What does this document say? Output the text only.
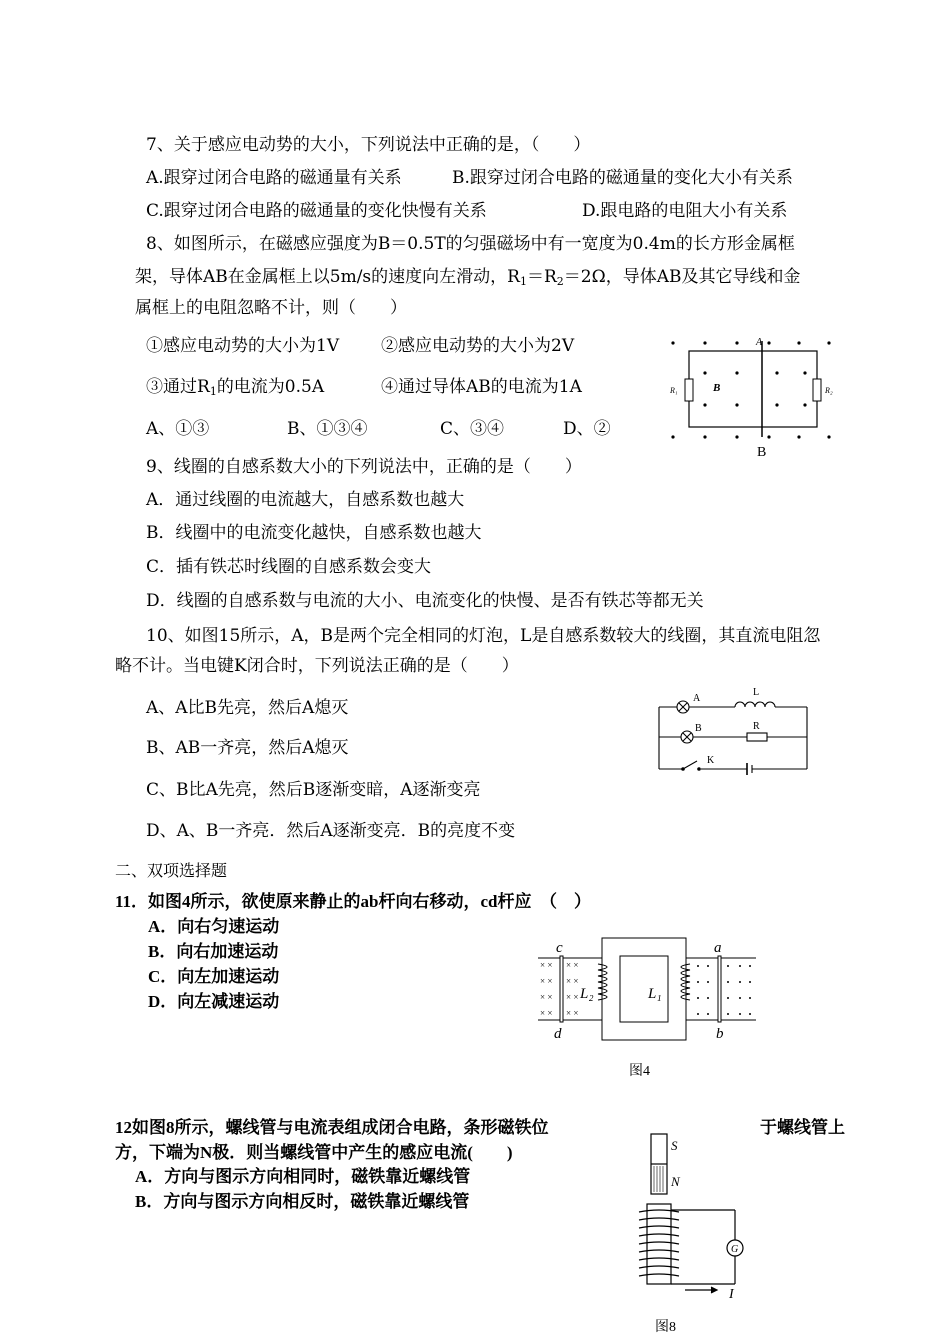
7、关于感应电动势的大小，下列说法中正确的是，（　　）
A.跟穿过闭合电路的磁通量有关系	B.跟穿过闭合电路的磁通量的变化大小有关系
C.跟穿过闭合电路的磁通量的变化快慢有关系	D.跟电路的电阻大小有关系
8、如图所示，在磁感应强度为B＝0.5T的匀强磁场中有一宽度为0.4m的长方形金属框
架，导体AB在金属框上以5m/s的速度向左滑动，$R_1=R_2=2\Omega$，导体AB及其它导线和金
属框上的电阻忽略不计，则（　　）
①感应电动势的大小为1V ②感应电动势的大小为2V
③通过$R_1$的电流为0.5A	④通过导体AB的电流为1A
A、①③	B、①③④	C、③④	D、②
A
B
R₁	R₂
B
9、线圈的自感系数大小的下列说法中，正确的是（　　）
A．通过线圈的电流越大，自感系数也越大
B．线圈中的电流变化越快，自感系数也越大
C．插有铁芯时线圈的自感系数会变大
D．线圈的自感系数与电流的大小、电流变化的快慢、是否有铁芯等都无关
10、如图15所示，A，B是两个完全相同的灯泡，L是自感系数较大的线圈，其直流电阻忽
略不计。当电键K闭合时，下列说法正确的是（　　）
A、A比B先亮，然后A熄灭
B、AB一齐亮，然后A熄灭
C、B比A先亮，然后B逐渐变暗，A逐渐变亮
D、A、B一齐亮．然后A逐渐变亮．B的亮度不变
A
L
B	R
K
二、双项选择题
11．如图4所示，欲使原来静止的ab杆向右移动，cd杆应　（　）
A．向右匀速运动
B．向右加速运动
C．向左加速运动
D．向左减速运动
× ×
× ×
× ×
× ×
× ×
× ×
× ×
× ×
c
d
a
b
L₂	L₁
图4
12如图8所示，螺线管与电流表组成闭合电路，条形磁铁位	于螺线管上
方，下端为N极．则当螺线管中产生的感应电流(　　)
A．方向与图示方向相同时，磁铁靠近螺线管
B．方向与图示方向相反时，磁铁靠近螺线管
S
N
G
I
图8
